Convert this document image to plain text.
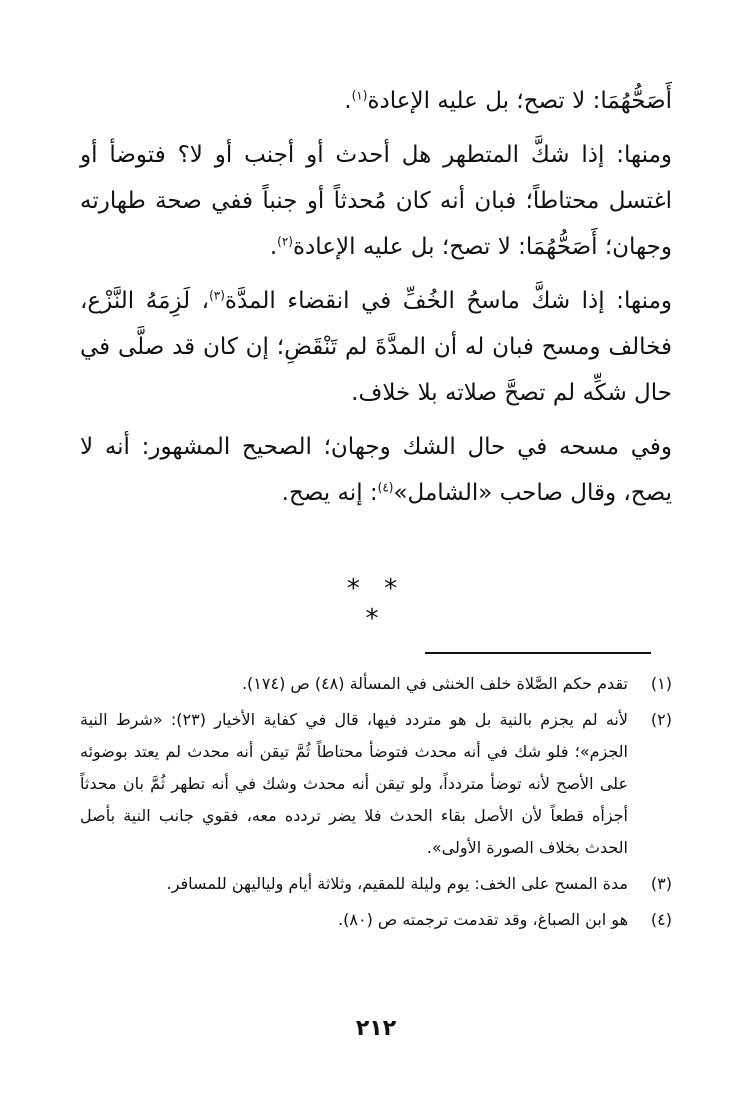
أَصَحُّهُمَا: لا تصح؛ بل عليه الإعادة$^{(١)}$.

ومنها: إذا شكَّ المتطهر هل أحدث أو أجنب أو لا؟ فتوضأ أو اغتسل محتاطاً؛ فبان أنه كان مُحدثاً أو جنباً ففي صحة طهارته وجهان؛ أَصَحُّهُمَا: لا تصح؛ بل عليه الإعادة$^{(٢)}$.

ومنها: إذا شكَّ ماسحُ الخُفِّ في انقضاء المدَّة$^{(٣)}$، لَزِمَهُ النَّزْع، فخالف ومسح فبان له أن المدَّةَ لم تَنْقَضِ؛ إن كان قد صلَّى في حال شكِّه لم تصحَّ صلاته بلا خلاف.

وفي مسحه في حال الشك وجهان؛ الصحيح المشهور: أنه لا يصح، وقال صاحب «الشامل»$^{(٤)}$: إنه يصح.

* * *
(١)
تقدم حكم الصَّلاة خلف الخنثى في المسألة (٤٨) ص (١٧٤).
(٢)
لأنه لم يجزم بالنية بل هو متردد فيها، قال في كفاية الأخيار (٢٣): «شرط النية الجزم»؛ فلو شك في أنه محدث فتوضأ محتاطاً ثُمَّ تيقن أنه محدث لم يعتد بوضوئه على الأصح لأنه توضأ متردداً، ولو تيقن أنه محدث وشك في أنه تطهر ثُمَّ بان محدثاً أجزأه قطعاً لأن الأصل بقاء الحدث فلا يضر تردده معه، فقوي جانب النية بأصل الحدث بخلاف الصورة الأولى».
(٣)
مدة المسح على الخف: يوم وليلة للمقيم، وثلاثة أيام ولياليهن للمسافر.
(٤)
هو ابن الصباغ، وقد تقدمت ترجمته ص (٨٠).
٢١٢
